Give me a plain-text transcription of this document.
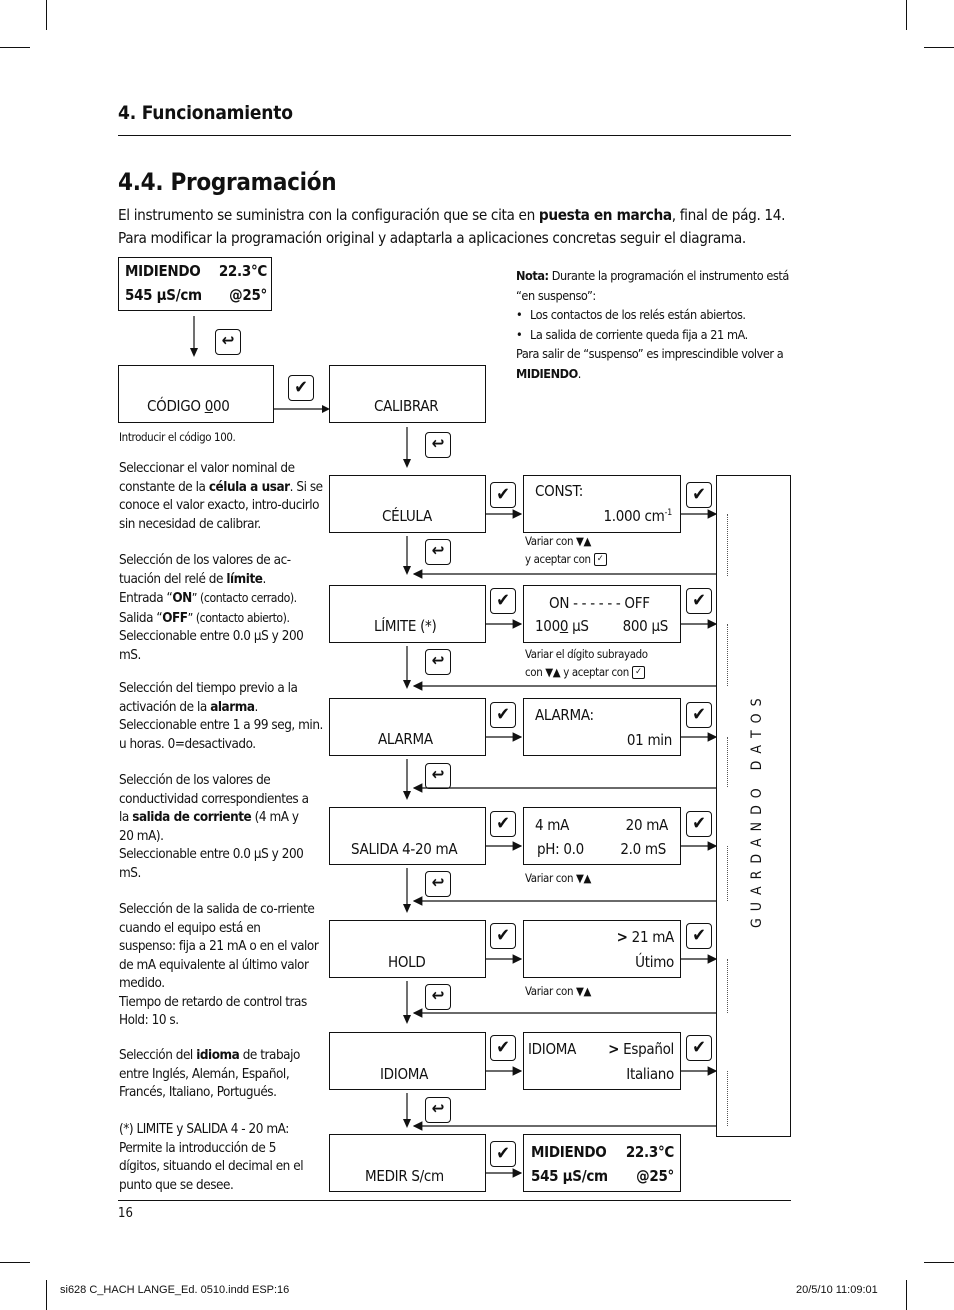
4. Funcionamiento
4.4. Programación
El instrumento se suministra con la configuración que se cita en puesta en marcha, final de pág. 14. Para modificar la programación original y adaptarla a aplicaciones concretas seguir el diagrama.
MIDIENDO 22.3°C
545 µS/cm @25°
↩
CÓDIGO 000
✔
CALIBRAR
Introducir el código 100.
Nota: Durante la programación el instrumento está “en suspenso”:
• Los contactos de los relés están abiertos.
• La salida de corriente queda fija a 21 mA.
Para salir de “suspenso” es imprescindible volver a MIDIENDO.
Seleccionar el valor nominal de constante de la célula a usar. Si se conoce el valor exacto, intro-ducirlo sin necesidad de calibrar.
Selección de los valores de ac-tuación del relé de límite.
Entrada “ON” (contacto cerrado).
Salida “OFF” (contacto abierto).
Seleccionable entre 0.0 µS y 200 mS.
Selección del tiempo previo a la activación de la alarma.
Seleccionable entre 1 a 99 seg, min. u horas. 0=desactivado.
Selección de los valores de conductividad correspondientes a la salida de corriente (4 mA y 20 mA).
Seleccionable entre 0.0 µS y 200 mS.
Selección de la salida de co-rriente cuando el equipo está en suspenso: fija a 21 mA o en el valor de mA equivalente al último valor medido.
Tiempo de retardo de control tras Hold: 10 s.
Selección del idioma de trabajo entre Inglés, Alemán, Español, Francés, Italiano, Portugués.
(*) LIMITE y SALIDA 4 - 20 mA: Permite la introducción de 5 dígitos, situando el decimal en el punto que se desee.
↩
CÉLULA
✔	CONST:
1.000 $cm^{-1}$
✔
Variar con ▼▲
y aceptar con ✓
LÍMITE (*)
✔	ON - - - - - - OFF
1000 µS 800 µS
✔
Variar el dígito subrayado
con ▼▲ y aceptar con ✓
ALARMA
✔	ALARMA:
01 min
✔
SALIDA 4-20 mA
✔	4 mA	20 mA
pH: 0.0 2.0 mS
✔
Variar con ▼▲
HOLD
✔	> 21 mA
Útimo
✔
Variar con ▼▲
IDIOMA
✔	IDIOMA > Español
Italiano
✔
MEDIR S/cm
✔	MIDIENDO 22.3°C
545 µS/cm @25°
↩
↩
↩
↩
↩
↩
G U A R D A N D O   D A T O S
16
si628 C_HACH LANGE_Ed. 0510.indd ESP:16	20/5/10 11:09:01
